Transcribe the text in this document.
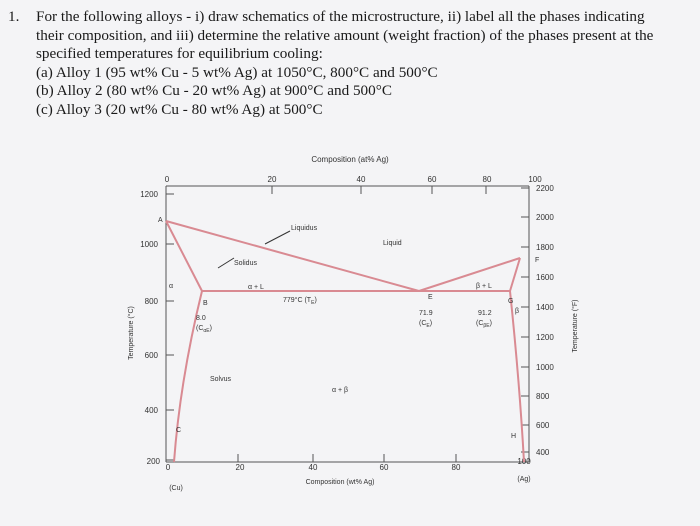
1. For the following alloys - i) draw schematics of the microstructure, ii) label all the phases indicating
their composition, and iii) determine the relative amount (weight fraction) of the phases present at the
specified temperatures for equilibrium cooling:
(a) Alloy 1 (95 wt% Cu - 5 wt% Ag) at 1050°C, 800°C and 500°C
(b) Alloy 2 (80 wt% Cu - 20 wt% Ag) at 900°C and 500°C
(c) Alloy 3 (20 wt% Cu - 80 wt% Ag) at 500°C
Composition (at% Ag)
0	20	40	60	80	100
0	20	40	60	80
100
(Cu)
(Ag)
Composition (wt% Ag)
1200
1000
800
600
400
200
Temperature (°C)
2200
2000
1800
1600
1400
1200
1000
800
600
400
Temperature (°F)
A
B
C
E
F
G
H
Liquidus
Liquid
Solidus
Solvus
α + L	β + L
α
β
α + β
779°C $(T_E)$
71.9
$(C_E)$
8.0
$(C_{\alpha E})$
91.2
$(C_{\beta E})$
